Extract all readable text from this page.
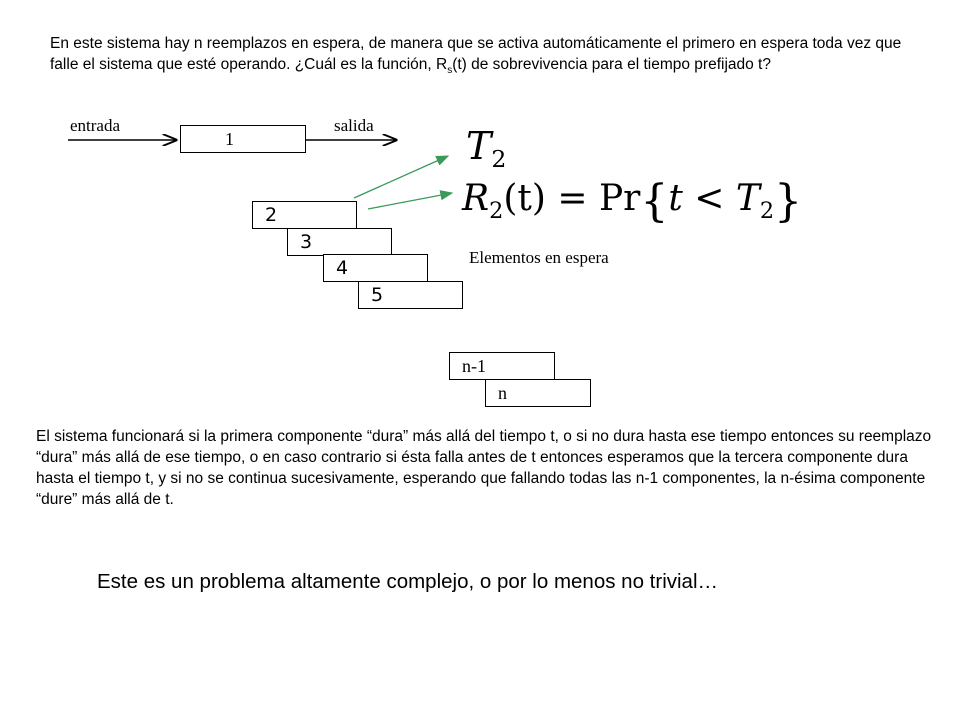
En este sistema hay n reemplazos en espera, de manera que se activa automáticamente el primero en espera toda vez que falle el sistema que esté operando. ¿Cuál es la función, $R_s(t)$ de sobrevivencia para el tiempo prefijado t?

entrada	salida
1
2
3
4
5
n-1
n
Elementos en espera
$T_2$
$R_2(t) = Pr\{t < T_2\}$

El sistema funcionará si la primera componente “dura” más allá del tiempo t, o si no dura hasta ese tiempo entonces su reemplazo “dura” más allá de ese tiempo, o en caso contrario si ésta falla antes de t entonces esperamos que la tercera componente dura hasta el tiempo t, y si no se continua sucesivamente, esperando que fallando todas las n-1 componentes, la n-ésima componente “dure” más allá de t.

Este es un problema altamente complejo, o por lo menos no trivial…
